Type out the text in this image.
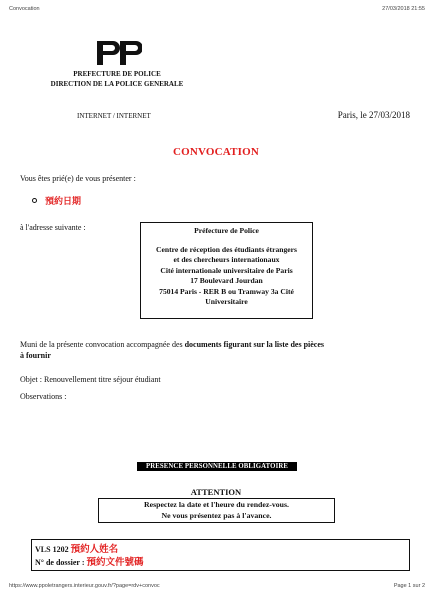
Convocation	27/03/2018 21:55
PREFECTURE DE POLICE
DIRECTION DE LA POLICE GENERALE
INTERNET / INTERNET	Paris, le 27/03/2018
CONVOCATION
Vous êtes prié(e) de vous présenter :
預約日期
à l'adresse suivante :	Préfecture de Police
Centre de réception des étudiants étrangers
et des chercheurs internationaux
Cité internationale universitaire de Paris
17 Boulevard Jourdan
75014 Paris - RER B ou Tramway 3a Cité
Universitaire
Muni de la présente convocation accompagnée des documents figurant sur la liste des pièces à fournir
Objet : Renouvellement titre séjour étudiant
Observations :
PRESENCE PERSONNELLE OBLIGATOIRE
ATTENTION
Respectez la date et l'heure du rendez-vous.
Ne vous présentez pas à l'avance.
VLS 1202 預約人姓名
N° de dossier : 預約文件號碼
https://www.ppoletrangers.interieur.gouv.fr/?page=rdv+convoc	Page 1 sur 2
